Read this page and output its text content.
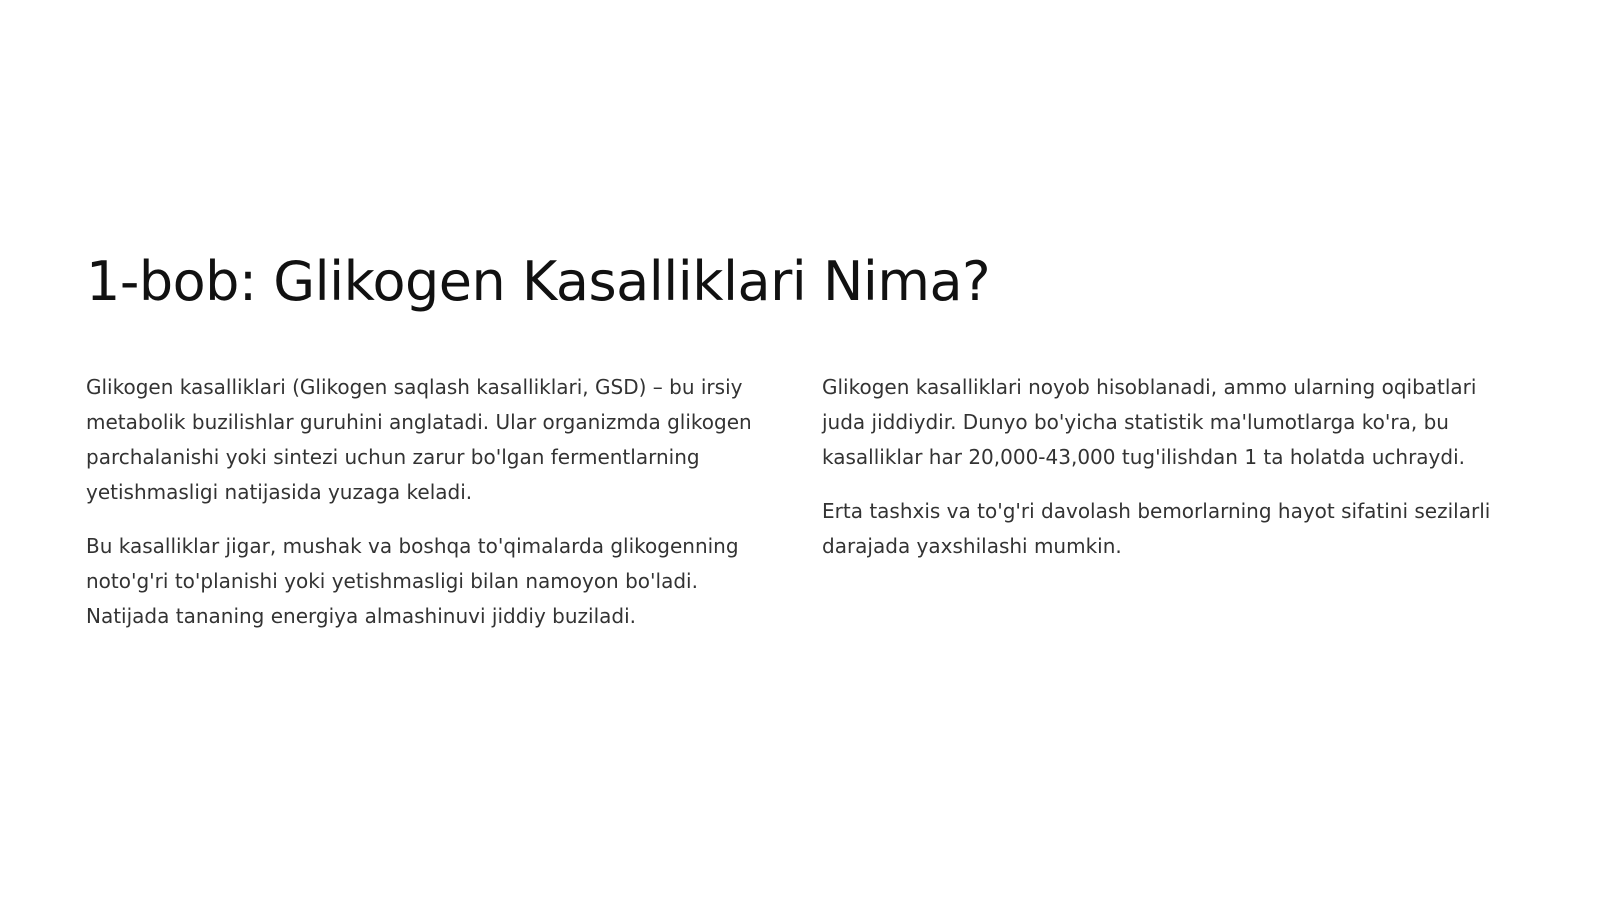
1-bob: Glikogen Kasalliklari Nima?

Glikogen kasalliklari (Glikogen saqlash kasalliklari, GSD) – bu irsiy metabolik buzilishlar guruhini anglatadi. Ular organizmda glikogen parchalanishi yoki sintezi uchun zarur bo'lgan fermentlarning yetishmasligi natijasida yuzaga keladi.

Bu kasalliklar jigar, mushak va boshqa to'qimalarda glikogenning noto'g'ri to'planishi yoki yetishmasligi bilan namoyon bo'ladi. Natijada tananing energiya almashinuvi jiddiy buziladi.

Glikogen kasalliklari noyob hisoblanadi, ammo ularning oqibatlari juda jiddiydir. Dunyo bo'yicha statistik ma'lumotlarga ko'ra, bu kasalliklar har 20,000-43,000 tug'ilishdan 1 ta holatda uchraydi.

Erta tashxis va to'g'ri davolash bemorlarning hayot sifatini sezilarli darajada yaxshilashi mumkin.
